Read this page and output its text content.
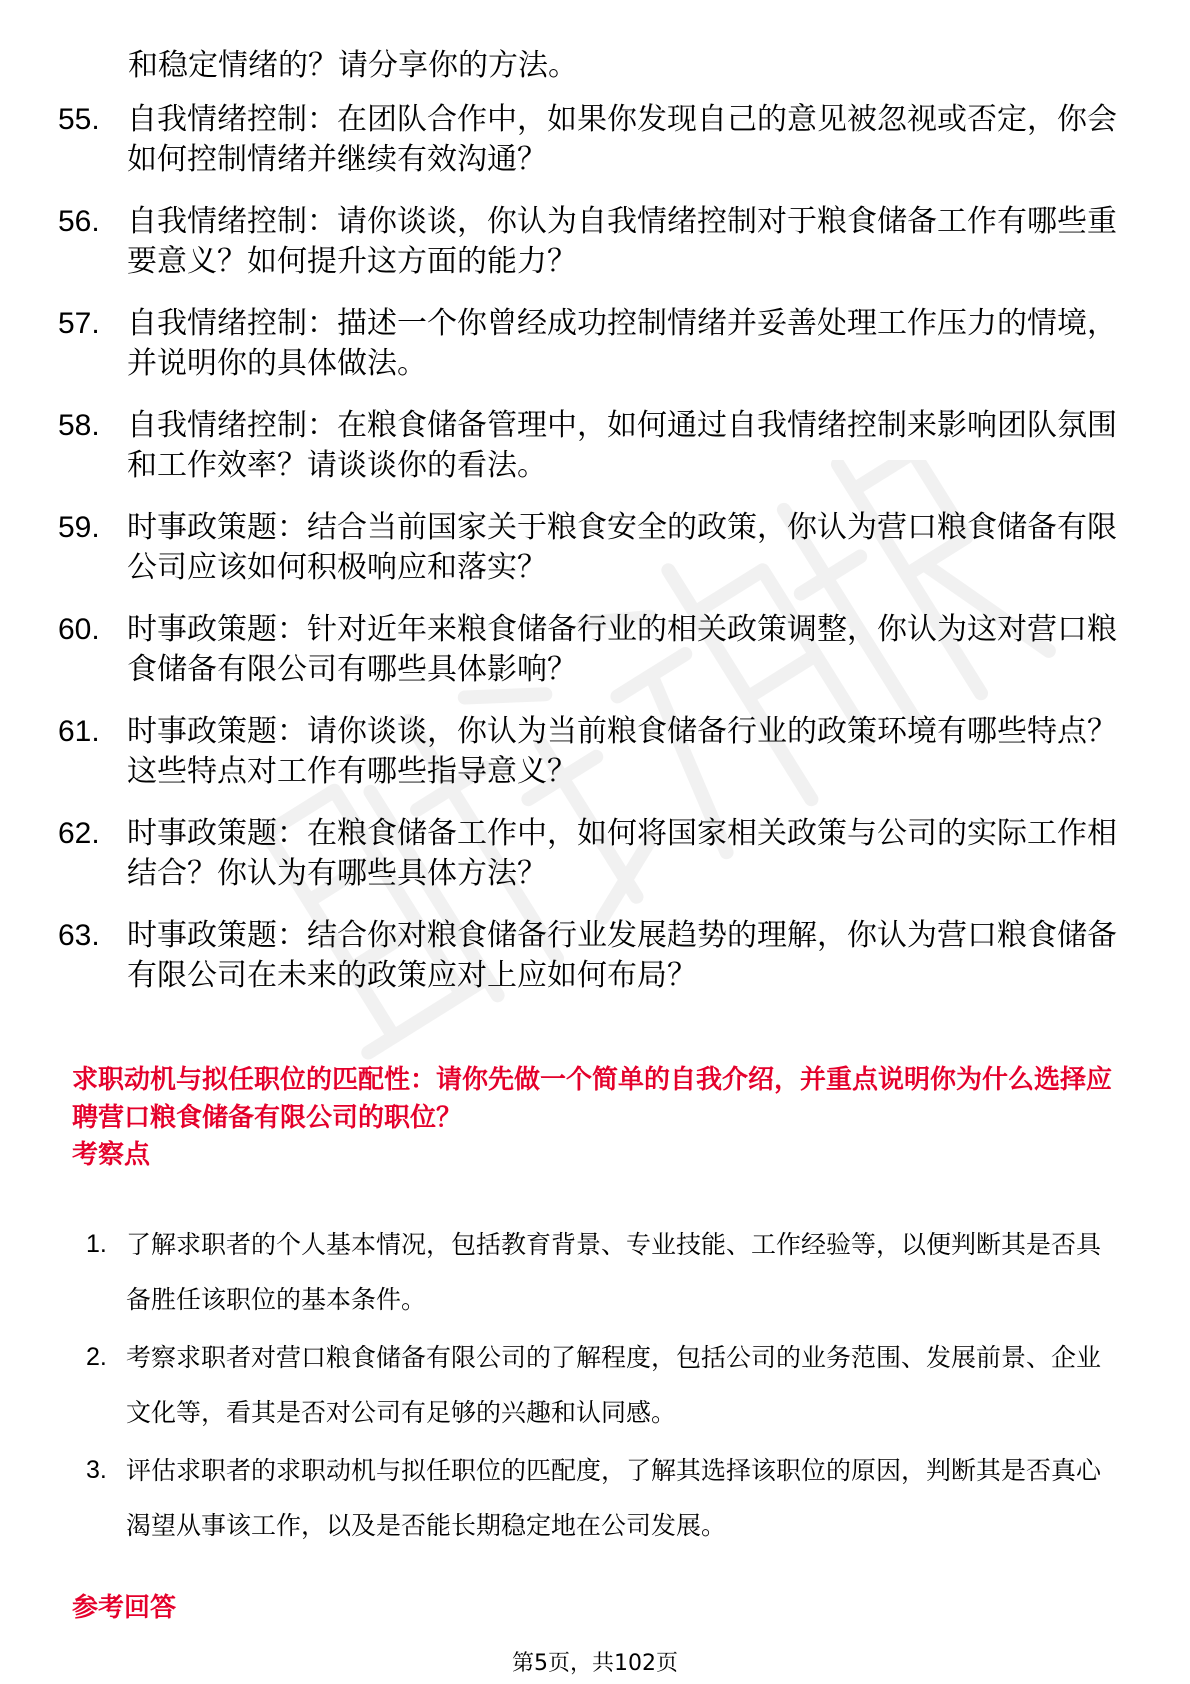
和稳定情绪的？请分享你的方法。
55. 自我情绪控制：在团队合作中，如果你发现自己的意见被忽视或否定，你会如何控制情绪并继续有效沟通？
56. 自我情绪控制：请你谈谈，你认为自我情绪控制对于粮食储备工作有哪些重要意义？如何提升这方面的能力？
57. 自我情绪控制：描述一个你曾经成功控制情绪并妥善处理工作压力的情境，并说明你的具体做法。
58. 自我情绪控制：在粮食储备管理中，如何通过自我情绪控制来影响团队氛围和工作效率？请谈谈你的看法。
59. 时事政策题：结合当前国家关于粮食安全的政策，你认为营口粮食储备有限公司应该如何积极响应和落实？
60. 时事政策题：针对近年来粮食储备行业的相关政策调整，你认为这对营口粮食储备有限公司有哪些具体影响？
61. 时事政策题：请你谈谈，你认为当前粮食储备行业的政策环境有哪些特点？这些特点对工作有哪些指导意义？
62. 时事政策题：在粮食储备工作中，如何将国家相关政策与公司的实际工作相结合？你认为有哪些具体方法？
63. 时事政策题：结合你对粮食储备行业发展趋势的理解，你认为营口粮食储备有限公司在未来的政策应对上应如何布局？
求职动机与拟任职位的匹配性：请你先做一个简单的自我介绍，并重点说明你为什么选择应聘营口粮食储备有限公司的职位？
考察点
1. 了解求职者的个人基本情况，包括教育背景、专业技能、工作经验等，以便判断其是否具备胜任该职位的基本条件。
2. 考察求职者对营口粮食储备有限公司的了解程度，包括公司的业务范围、发展前景、企业文化等，看其是否对公司有足够的兴趣和认同感。
3. 评估求职者的求职动机与拟任职位的匹配度，了解其选择该职位的原因，判断其是否真心渴望从事该工作，以及是否能长期稳定地在公司发展。
参考回答
第5页，共102页
